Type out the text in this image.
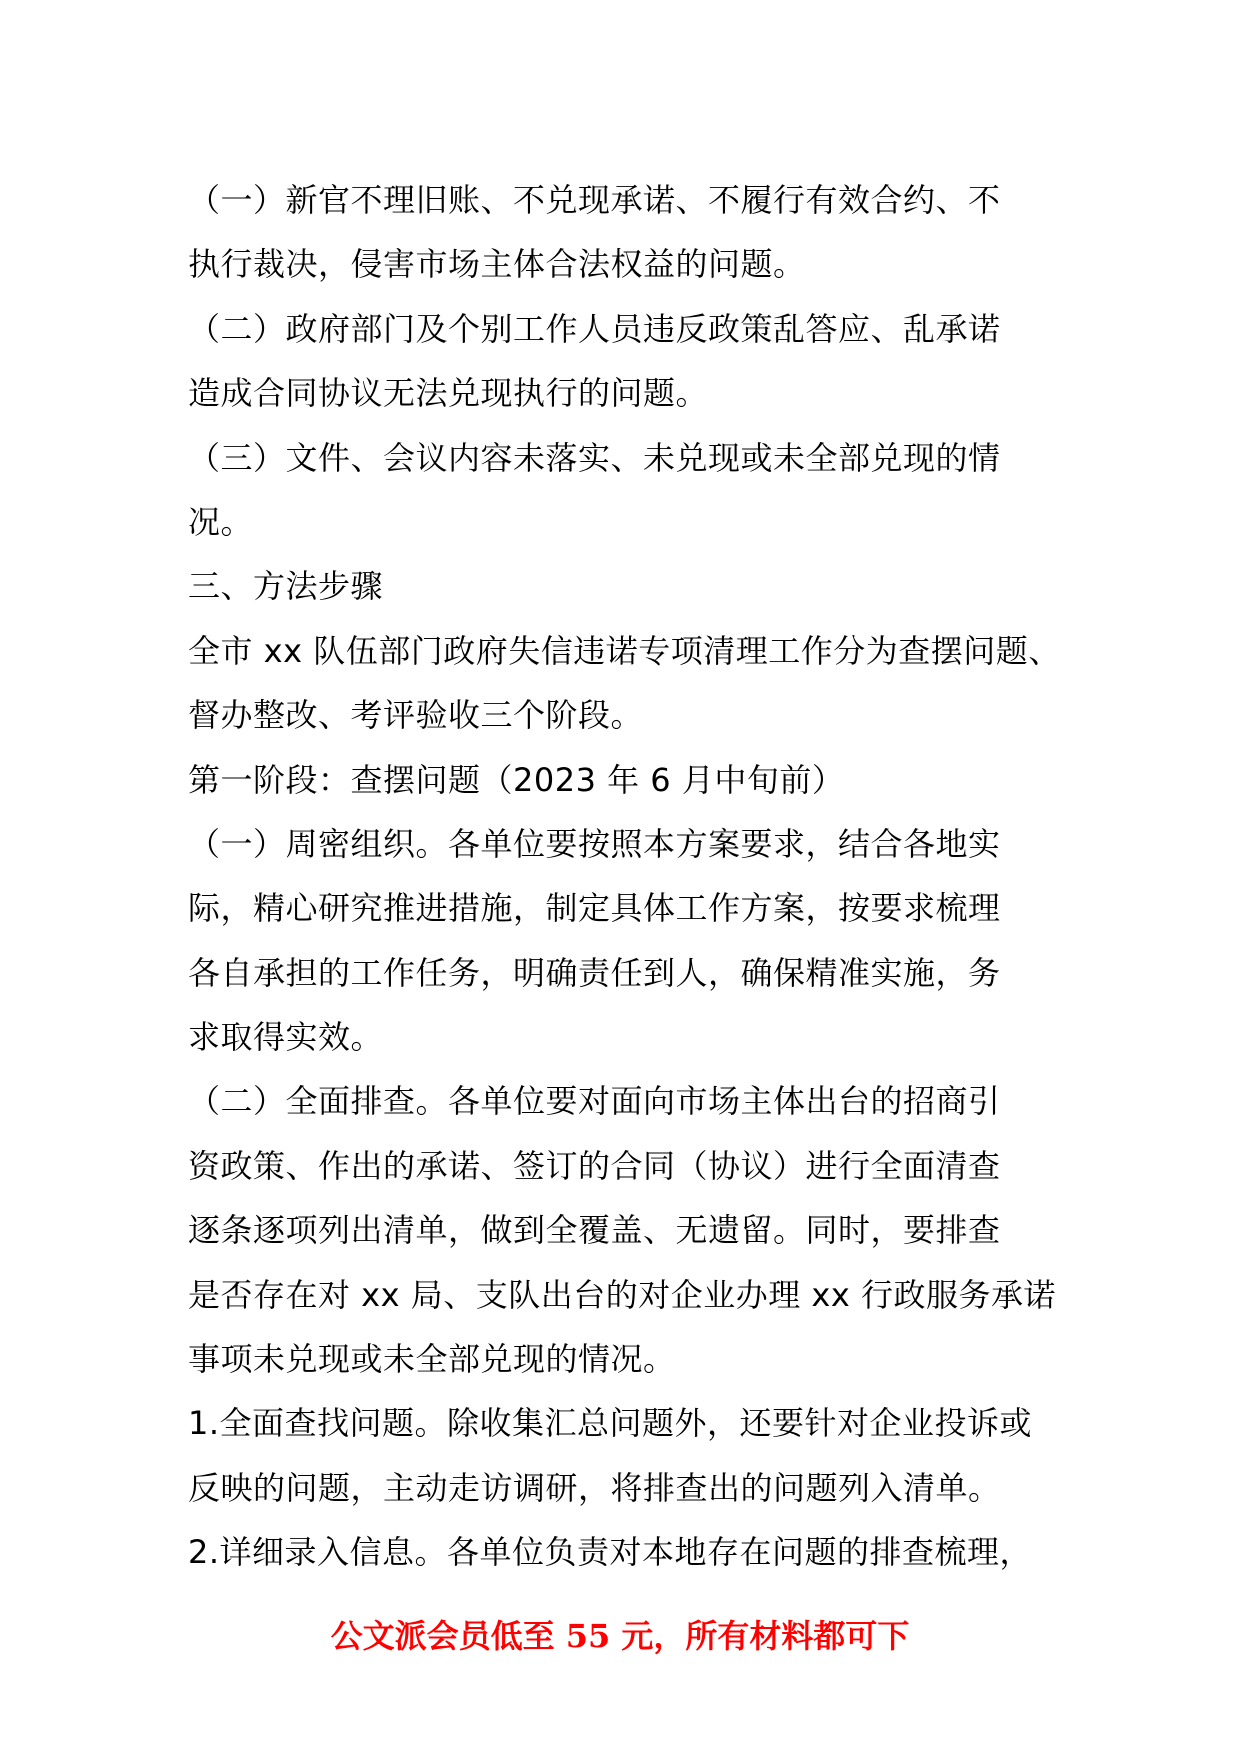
（一）新官不理旧账、不兑现承诺、不履行有效合约、不
执行裁决，侵害市场主体合法权益的问题。
（二）政府部门及个别工作人员违反政策乱答应、乱承诺
造成合同协议无法兑现执行的问题。
（三）文件、会议内容未落实、未兑现或未全部兑现的情
况。
三、方法步骤
全市 xx 队伍部门政府失信违诺专项清理工作分为查摆问题、
督办整改、考评验收三个阶段。
第一阶段：查摆问题（2023 年 6 月中旬前）
（一）周密组织。各单位要按照本方案要求，结合各地实
际，精心研究推进措施，制定具体工作方案，按要求梳理
各自承担的工作任务，明确责任到人，确保精准实施，务
求取得实效。
（二）全面排查。各单位要对面向市场主体出台的招商引
资政策、作出的承诺、签订的合同（协议）进行全面清查
逐条逐项列出清单，做到全覆盖、无遗留。同时，要排查
是否存在对 xx 局、支队出台的对企业办理 xx 行政服务承诺
事项未兑现或未全部兑现的情况。
1.全面查找问题。除收集汇总问题外，还要针对企业投诉或
反映的问题，主动走访调研，将排查出的问题列入清单。
2.详细录入信息。各单位负责对本地存在问题的排查梳理，
公文派会员低至 55 元，所有材料都可下
